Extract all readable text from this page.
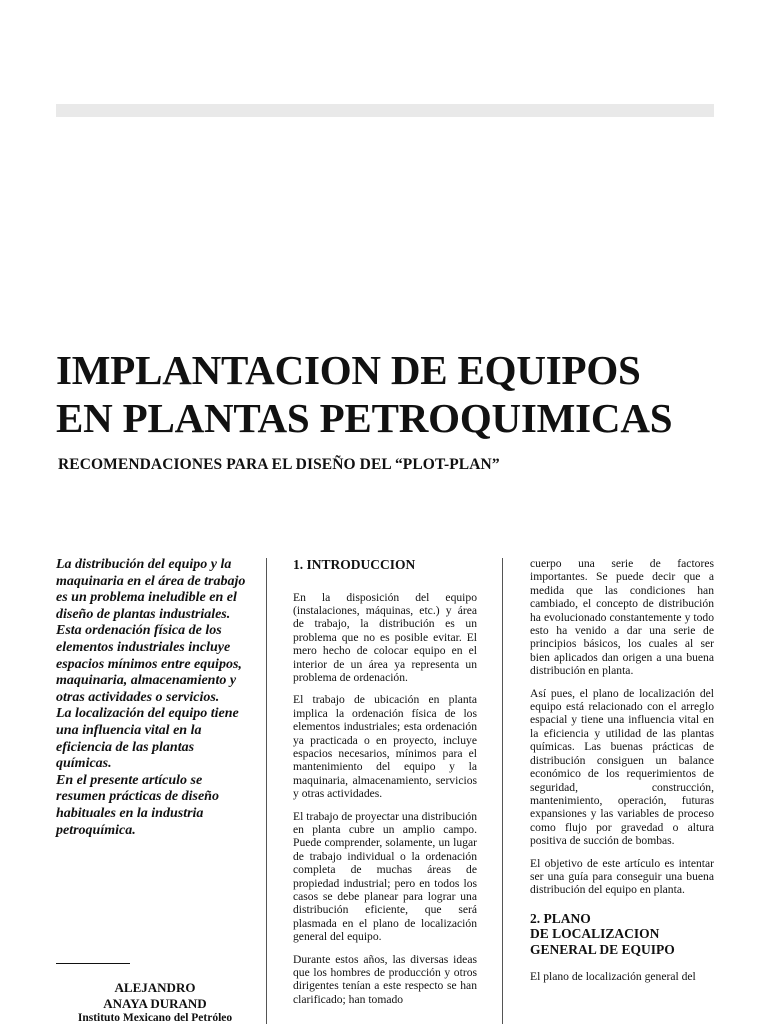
IMPLANTACION DE EQUIPOS
EN PLANTAS PETROQUIMICAS
RECOMENDACIONES PARA EL DISEÑO DEL “PLOT-PLAN”

La distribución del equipo y la maquinaria en el área de trabajo es un problema ineludible en el diseño de plantas industriales. Esta ordenación física de los elementos industriales incluye espacios mínimos entre equipos, maquinaria, almacenamiento y otras actividades o servicios.

La localización del equipo tiene una influencia vital en la eficiencia de las plantas químicas.

En el presente artículo se resumen prácticas de diseño habituales en la industria petroquímica.

ALEJANDRO
ANAYA DURAND
Instituto Mexicano del Petróleo
1. INTRODUCCION

En la disposición del equipo (instalaciones, máquinas, etc.) y área de trabajo, la distribución es un problema que no es posible evitar. El mero hecho de colocar equipo en el interior de un área ya representa un problema de ordenación.

El trabajo de ubicación en planta implica la ordenación física de los elementos industriales; esta ordenación ya practicada o en proyecto, incluye espacios necesarios, mínimos para el mantenimiento del equipo y la maquinaria, almacenamiento, servicios y otras actividades.

El trabajo de proyectar una distribución en planta cubre un amplio campo. Puede comprender, solamente, un lugar de trabajo individual o la ordenación completa de muchas áreas de propiedad industrial; pero en todos los casos se debe planear para lograr una distribución eficiente, que será plasmada en el plano de localización general del equipo.

Durante estos años, las diversas ideas que los hombres de producción y otros dirigentes tenían a este respecto se han clarificado; han tomado

cuerpo una serie de factores importantes. Se puede decir que a medida que las condiciones han cambiado, el concepto de distribución ha evolucionado constantemente y todo esto ha venido a dar una serie de principios básicos, los cuales al ser bien aplicados dan origen a una buena distribución en planta.

Así pues, el plano de localización del equipo está relacionado con el arreglo espacial y tiene una influencia vital en la eficiencia y utilidad de las plantas químicas. Las buenas prácticas de distribución consiguen un balance económico de los requerimientos de seguridad, construcción, mantenimiento, operación, futuras expansiones y las variables de proceso como flujo por gravedad o altura positiva de succión de bombas.

El objetivo de este artículo es intentar ser una guía para conseguir una buena distribución del equipo en planta.

2. PLANO
DE LOCALIZACION
GENERAL DE EQUIPO

El plano de localización general del
